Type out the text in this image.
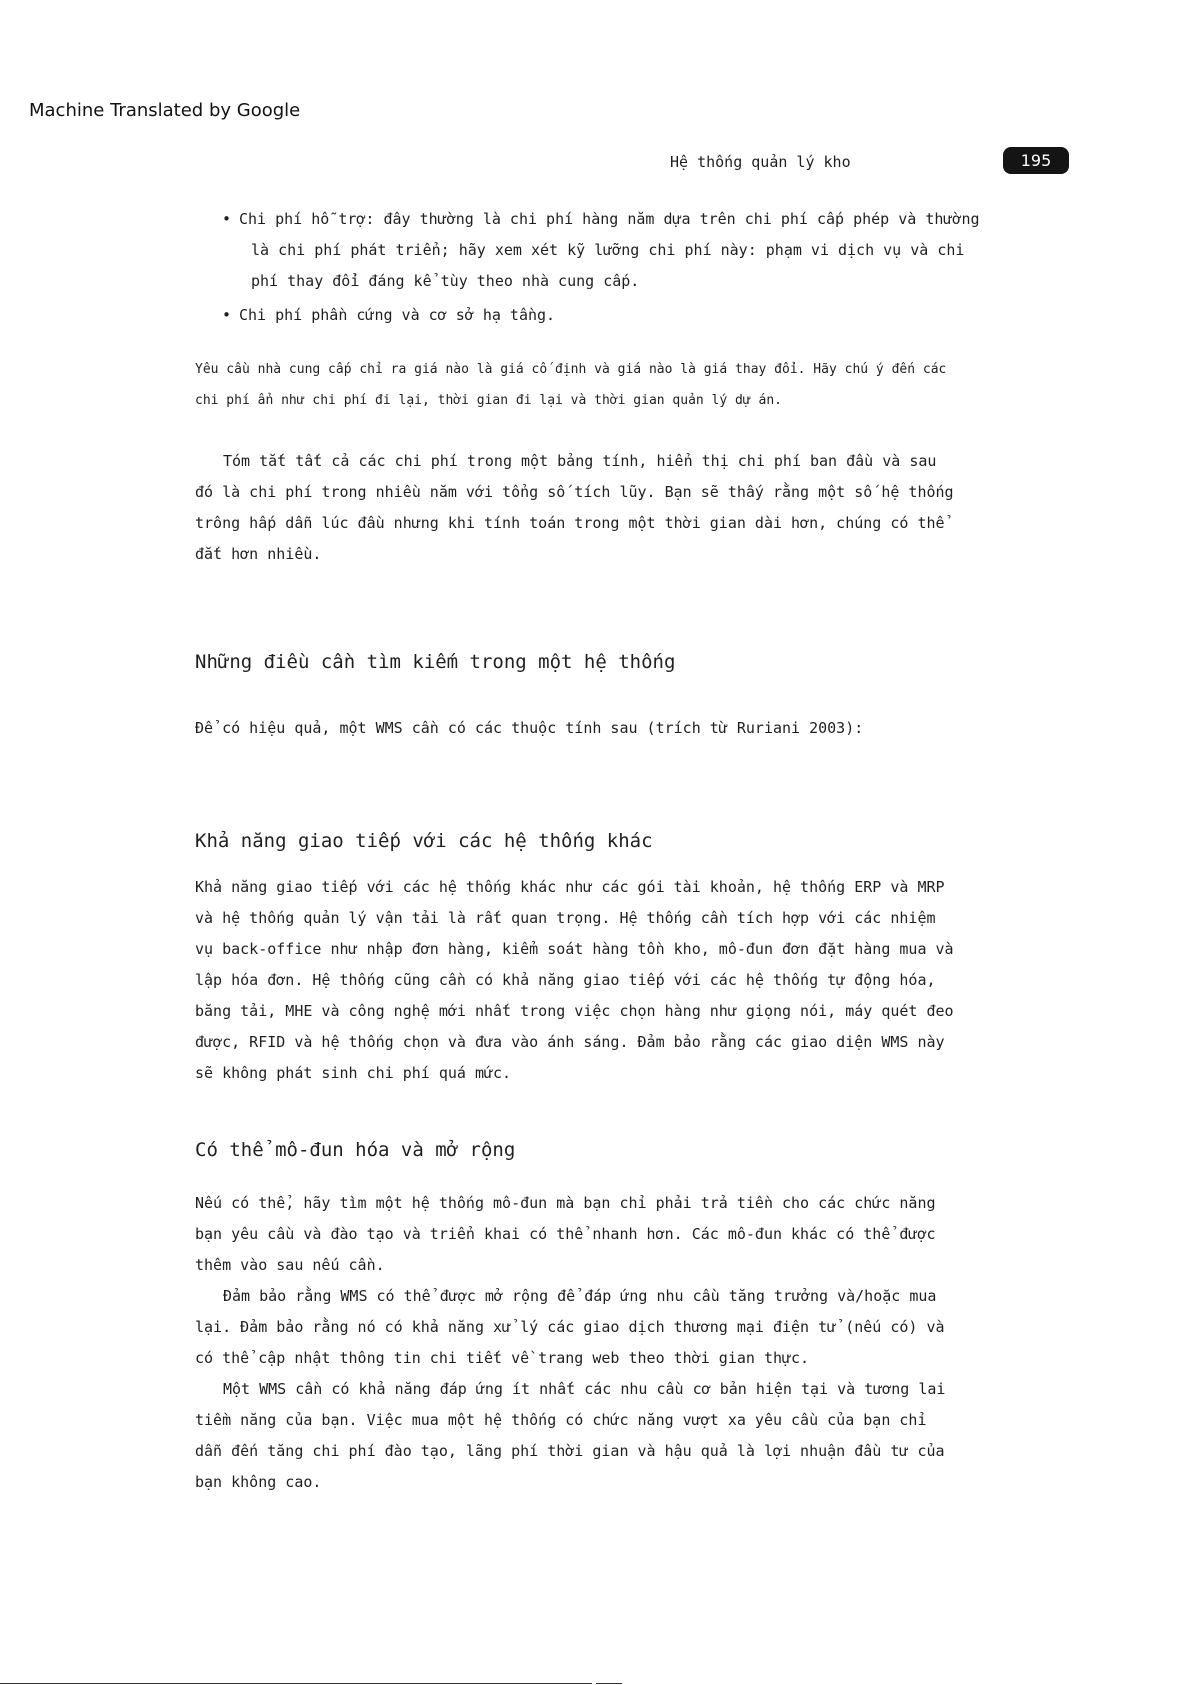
Machine Translated by Google
Hệ thống quản lý kho	195
• Chi phí hỗ trợ: đây thường là chi phí hàng năm dựa trên chi phí cấp phép và thường
là chi phí phát triển; hãy xem xét kỹ lưỡng chi phí này: phạm vi dịch vụ và chi
phí thay đổi đáng kể tùy theo nhà cung cấp.
• Chi phí phần cứng và cơ sở hạ tầng.
Yêu cầu nhà cung cấp chỉ ra giá nào là giá cố định và giá nào là giá thay đổi. Hãy chú ý đến các
chi phí ẩn như chi phí đi lại, thời gian đi lại và thời gian quản lý dự án.

Tóm tắt tất cả các chi phí trong một bảng tính, hiển thị chi phí ban đầu và sau

đó là chi phí trong nhiều năm với tổng số tích lũy. Bạn sẽ thấy rằng một số hệ thống

trông hấp dẫn lúc đầu nhưng khi tính toán trong một thời gian dài hơn, chúng có thể

đắt hơn nhiều.

Những điều cần tìm kiếm trong một hệ thống
Để có hiệu quả, một WMS cần có các thuộc tính sau (trích từ Ruriani 2003):
Khả năng giao tiếp với các hệ thống khác

Khả năng giao tiếp với các hệ thống khác như các gói tài khoản, hệ thống ERP và MRP

và hệ thống quản lý vận tải là rất quan trọng. Hệ thống cần tích hợp với các nhiệm

vụ back-office như nhập đơn hàng, kiểm soát hàng tồn kho, mô-đun đơn đặt hàng mua và

lập hóa đơn. Hệ thống cũng cần có khả năng giao tiếp với các hệ thống tự động hóa,

băng tải, MHE và công nghệ mới nhất trong việc chọn hàng như giọng nói, máy quét đeo

được, RFID và hệ thống chọn và đưa vào ánh sáng. Đảm bảo rằng các giao diện WMS này

sẽ không phát sinh chi phí quá mức.

Có thể mô-đun hóa và mở rộng

Nếu có thể, hãy tìm một hệ thống mô-đun mà bạn chỉ phải trả tiền cho các chức năng

bạn yêu cầu và đào tạo và triển khai có thể nhanh hơn. Các mô-đun khác có thể được

thêm vào sau nếu cần.

Đảm bảo rằng WMS có thể được mở rộng để đáp ứng nhu cầu tăng trưởng và/hoặc mua

lại. Đảm bảo rằng nó có khả năng xử lý các giao dịch thương mại điện tử (nếu có) và

có thể cập nhật thông tin chi tiết về trang web theo thời gian thực.

Một WMS cần có khả năng đáp ứng ít nhất các nhu cầu cơ bản hiện tại và tương lai

tiềm năng của bạn. Việc mua một hệ thống có chức năng vượt xa yêu cầu của bạn chỉ

dẫn đến tăng chi phí đào tạo, lãng phí thời gian và hậu quả là lợi nhuận đầu tư của

bạn không cao.
